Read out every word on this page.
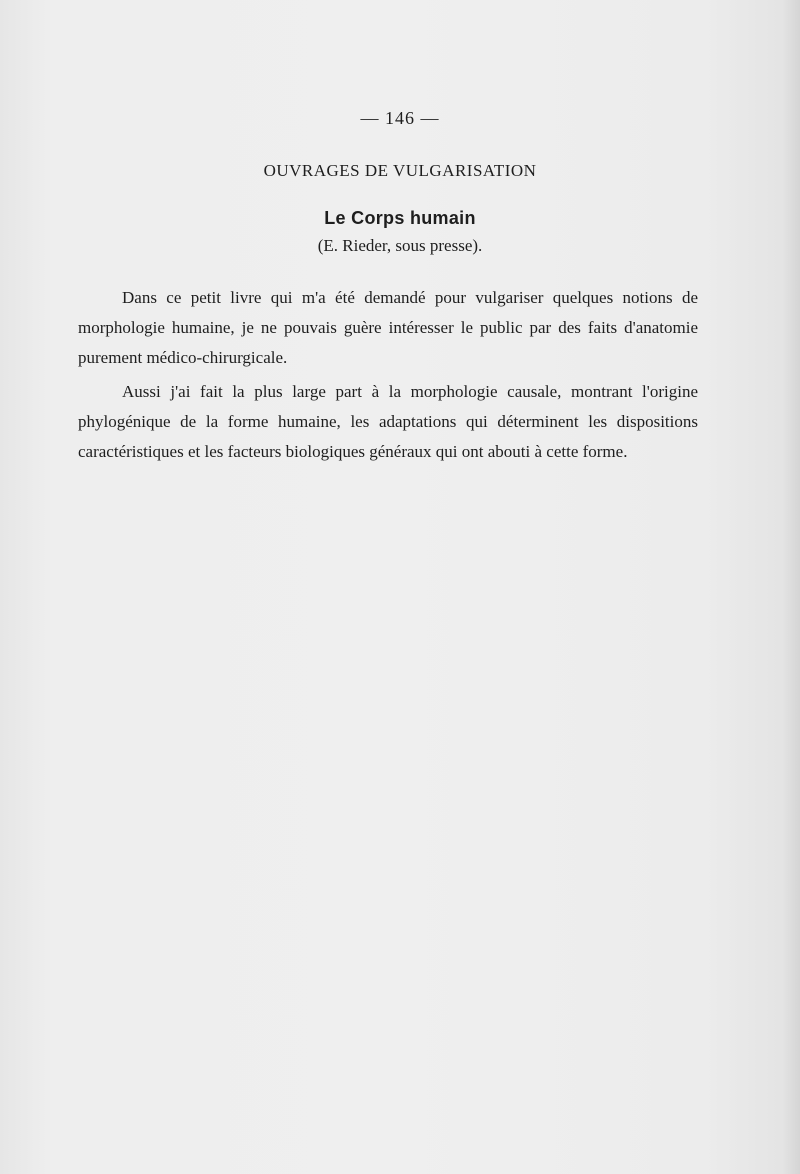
— 146 —
OUVRAGES DE VULGARISATION
Le Corps humain
(E. Rieder, sous presse).

Dans ce petit livre qui m'a été demandé pour vulgariser quelques notions de morphologie humaine, je ne pouvais guère intéresser le public par des faits d'anatomie purement médico-chirurgicale.

Aussi j'ai fait la plus large part à la morphologie causale, montrant l'origine phylogénique de la forme humaine, les adaptations qui déterminent les dispositions caractéristiques et les facteurs biologiques généraux qui ont abouti à cette forme.
